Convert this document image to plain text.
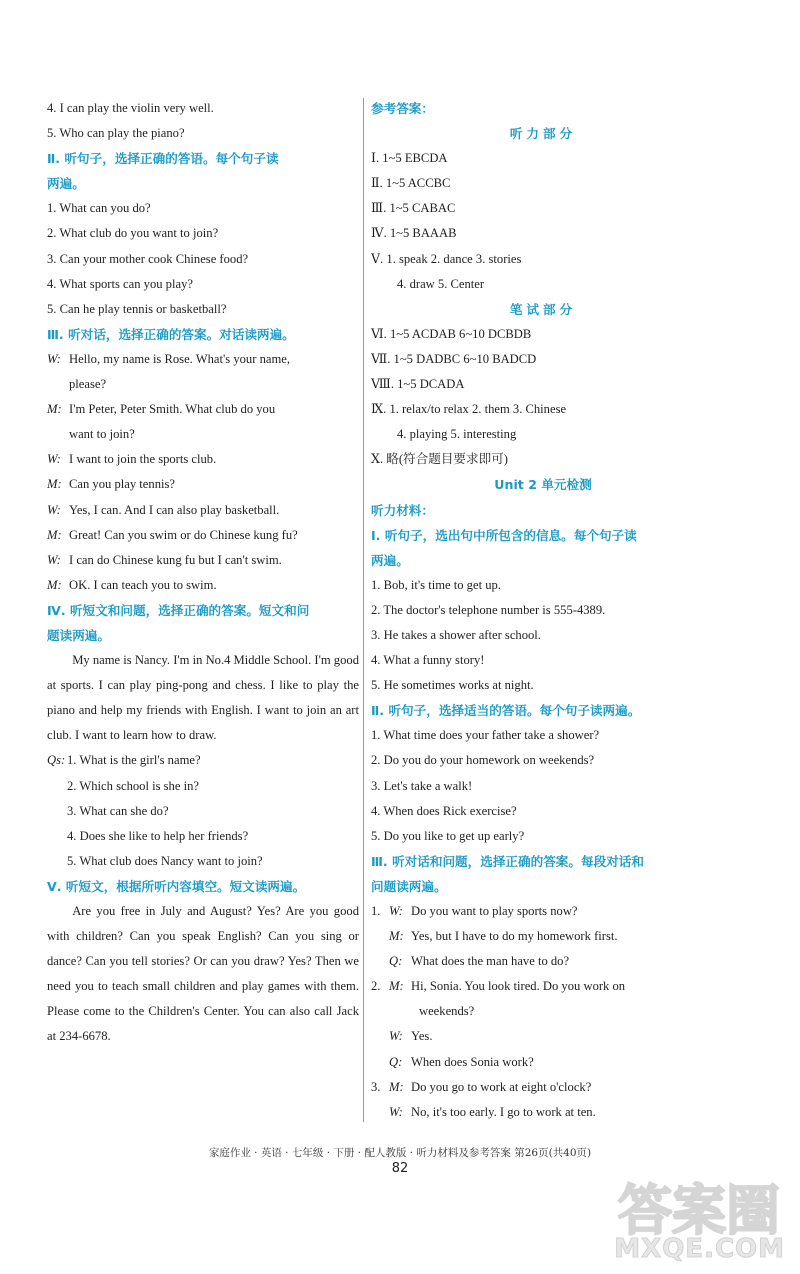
4. I can play the violin very well.
5. Who can play the piano?
Ⅱ. 听句子，选择正确的答语。每个句子读
两遍。
1. What can you do?
2. What club do you want to join?
3. Can your mother cook Chinese food?
4. What sports can you play?
5. Can he play tennis or basketball?
Ⅲ. 听对话，选择正确的答案。对话读两遍。
W: Hello, my name is Rose. What's your name,
please?
M: I'm Peter, Peter Smith. What club do you
want to join?
W: I want to join the sports club.
M: Can you play tennis?
W: Yes, I can. And I can also play basketball.
M: Great! Can you swim or do Chinese kung fu?
W: I can do Chinese kung fu but I can't swim.
M: OK. I can teach you to swim.
Ⅳ. 听短文和问题，选择正确的答案。短文和问
题读两遍。
My name is Nancy. I'm in No.4 Middle School. I'm good at sports. I can play ping-pong and chess. I like to play the piano and help my friends with English. I want to join an art club. I want to learn how to draw.
Qs: 1. What is the girl's name?
2. Which school is she in?
3. What can she do?
4. Does she like to help her friends?
5. What club does Nancy want to join?
Ⅴ. 听短文，根据所听内容填空。短文读两遍。
Are you free in July and August? Yes? Are you good with children? Can you speak English? Can you sing or dance? Can you tell stories? Or can you draw? Yes? Then we need you to teach small children and play games with them. Please come to the Children's Center. You can also call Jack at 234-6678.
参考答案：
听力部分
Ⅰ. 1~5 EBCDA
Ⅱ. 1~5 ACCBC
Ⅲ. 1~5 CABAC
Ⅳ. 1~5 BAAAB
Ⅴ. 1. speak 2. dance 3. stories
4. draw 5. Center
笔试部分
Ⅵ. 1~5 ACDAB 6~10 DCBDB
Ⅶ. 1~5 DADBC 6~10 BADCD
Ⅷ. 1~5 DCADA
Ⅸ. 1. relax/to relax 2. them 3. Chinese
4. playing 5. interesting
Ⅹ. 略(符合题目要求即可)
Unit 2 单元检测
听力材料：
Ⅰ. 听句子，选出句中所包含的信息。每个句子读
两遍。
1. Bob, it's time to get up.
2. The doctor's telephone number is 555-4389.
3. He takes a shower after school.
4. What a funny story!
5. He sometimes works at night.
Ⅱ. 听句子，选择适当的答语。每个句子读两遍。
1. What time does your father take a shower?
2. Do you do your homework on weekends?
3. Let's take a walk!
4. When does Rick exercise?
5. Do you like to get up early?
Ⅲ. 听对话和问题，选择正确的答案。每段对话和
问题读两遍。
1. W: Do you want to play sports now?
M: Yes, but I have to do my homework first.
Q: What does the man have to do?
2. M: Hi, Sonia. You look tired. Do you work on
weekends?
W: Yes.
Q: When does Sonia work?
3. M: Do you go to work at eight o'clock?
W: No, it's too early. I go to work at ten.
家庭作业 · 英语 · 七年级 · 下册 · 配人教版 · 听力材料及参考答案 第26页(共40页)
82
答案圈
MXQE.COM
